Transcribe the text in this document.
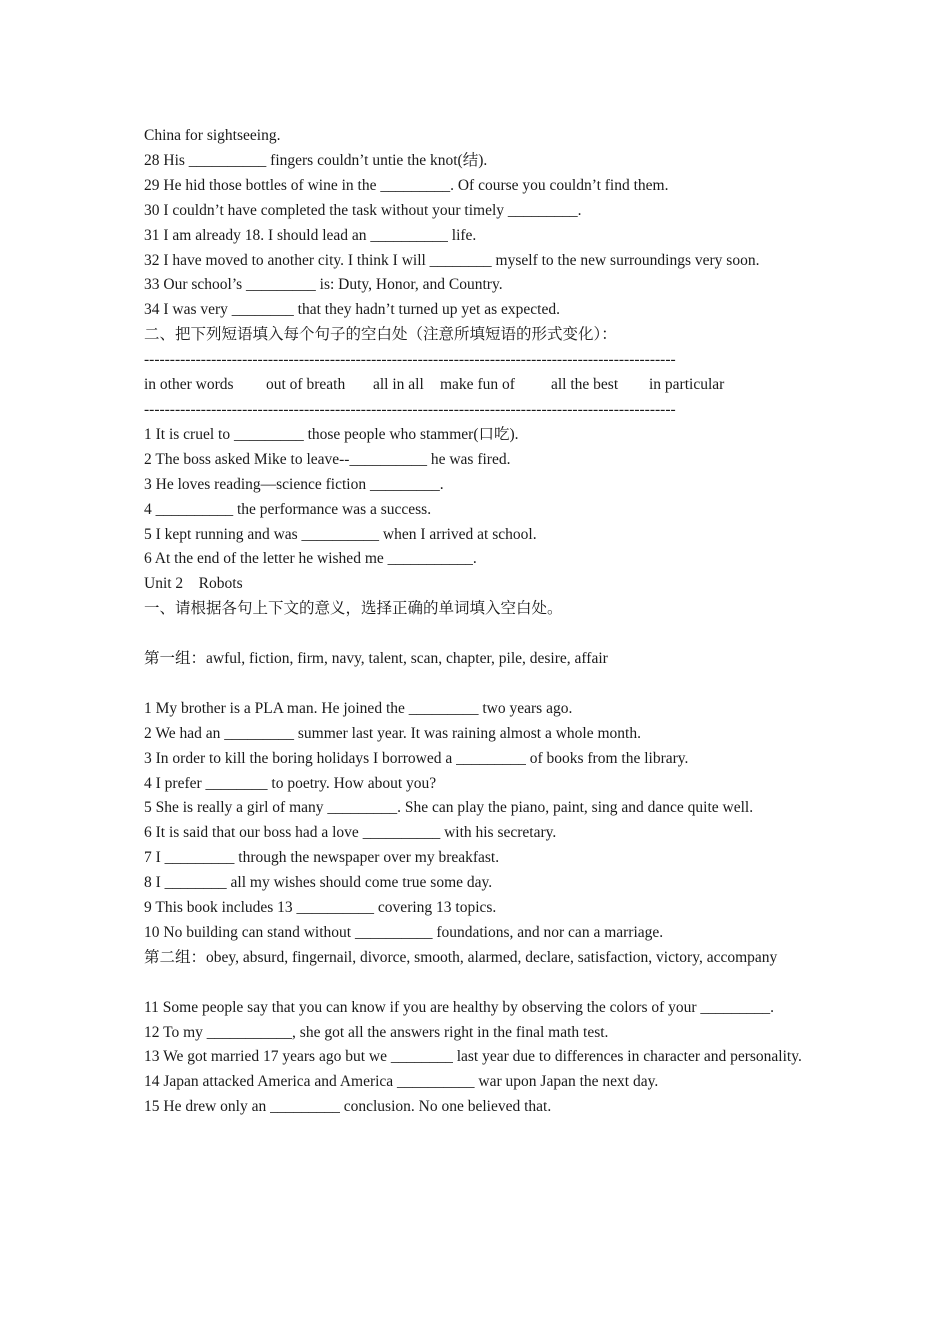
China for sightseeing.
28 His __________ fingers couldn’t untie the knot(结).
29 He hid those bottles of wine in the _________. Of course you couldn’t find them.
30 I couldn’t have completed the task without your timely _________.
31 I am already 18. I should lead an __________ life.
32 I have moved to another city. I think I will ________ myself to the new surroundings very soon.
33 Our school’s _________ is: Duty, Honor, and Country.
34 I was very ________ that they hadn’t turned up yet as expected.
二、把下列短语填入每个句子的空白处（注意所填短语的形式变化）：
-------------------------------------------------------------------------------------------------------
in other words	out of breath	all in all	make fun of	all the best	in particular
-------------------------------------------------------------------------------------------------------
1 It is cruel to _________ those people who stammer(口吃).
2 The boss asked Mike to leave--__________ he was fired.
3 He loves reading—science fiction _________.
4 __________ the performance was a success.
5 I kept running and was __________ when I arrived at school.
6 At the end of the letter he wished me ___________.
Unit 2　Robots
一、请根据各句上下文的意义，选择正确的单词填入空白处。
第一组：awful, fiction, firm, navy, talent, scan, chapter, pile, desire, affair
1 My brother is a PLA man. He joined the _________ two years ago.
2 We had an _________ summer last year. It was raining almost a whole month.
3 In order to kill the boring holidays I borrowed a _________ of books from the library.
4 I prefer ________ to poetry. How about you?
5 She is really a girl of many _________. She can play the piano, paint, sing and dance quite well.
6 It is said that our boss had a love __________ with his secretary.
7 I _________ through the newspaper over my breakfast.
8 I ________ all my wishes should come true some day.
9 This book includes 13 __________ covering 13 topics.
10 No building can stand without __________ foundations, and nor can a marriage.
第二组：obey, absurd, fingernail, divorce, smooth, alarmed, declare, satisfaction, victory, accompany
11 Some people say that you can know if you are healthy by observing the colors of your _________.
12 To my ___________, she got all the answers right in the final math test.
13 We got married 17 years ago but we ________ last year due to differences in character and personality.
14 Japan attacked America and America __________ war upon Japan the next day.
15 He drew only an _________ conclusion. No one believed that.
